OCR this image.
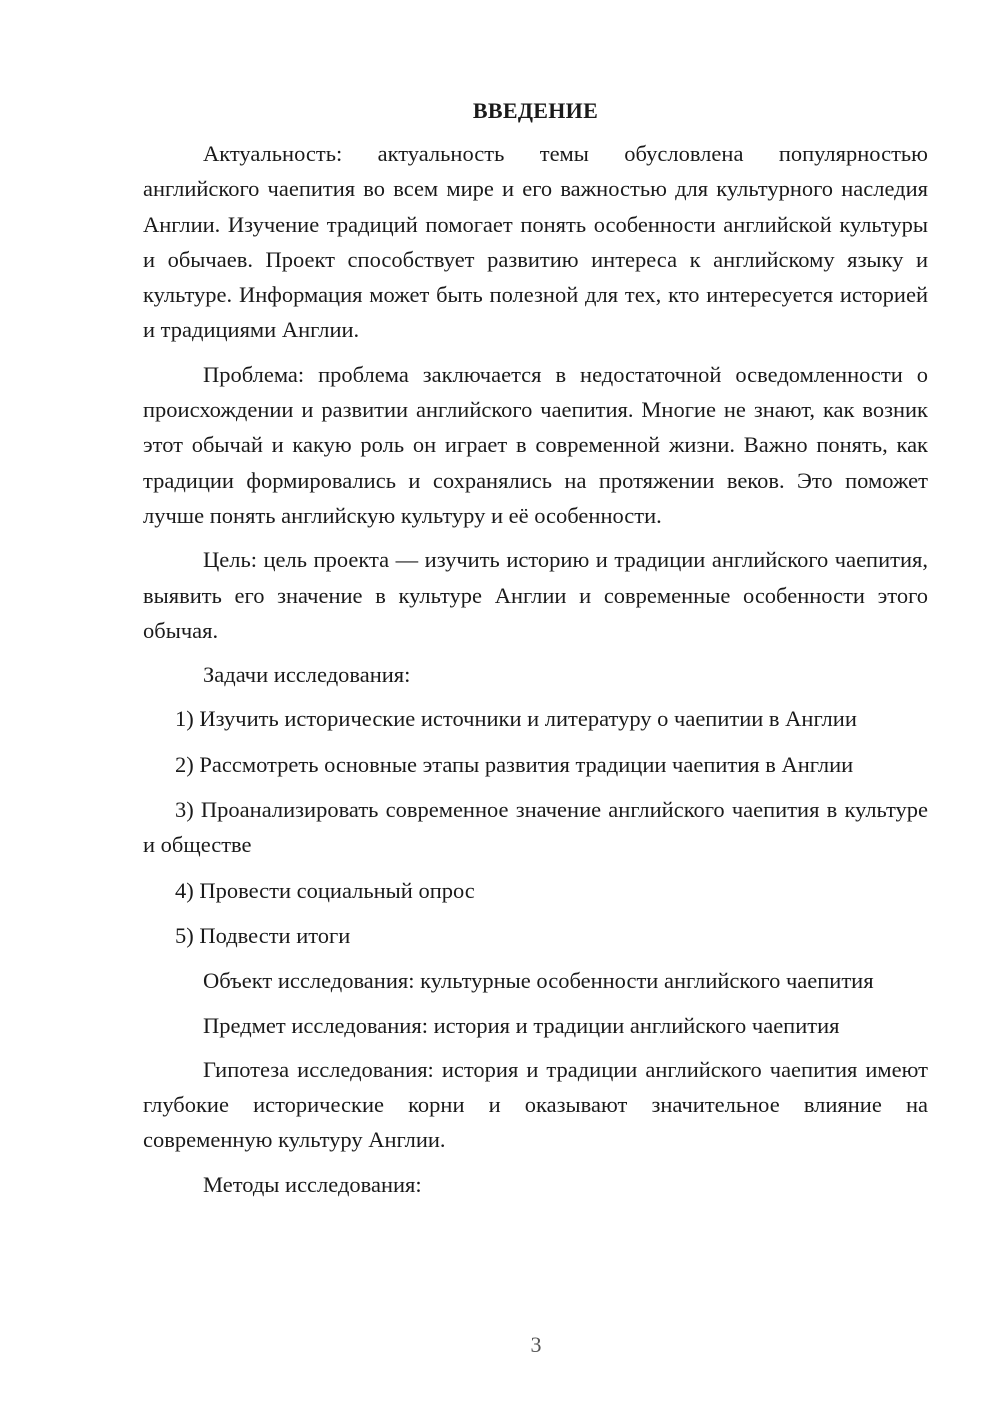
ВВЕДЕНИЕ

Актуальность: актуальность темы обусловлена популярностью английского чаепития во всем мире и его важностью для культурного наследия Англии. Изучение традиций помогает понять особенности английской культуры и обычаев. Проект способствует развитию интереса к английскому языку и культуре. Информация может быть полезной для тех, кто интересуется историей и традициями Англии.

Проблема: проблема заключается в недостаточной осведомленности о происхождении и развитии английского чаепития. Многие не знают, как возник этот обычай и какую роль он играет в современной жизни. Важно понять, как традиции формировались и сохранялись на протяжении веков. Это поможет лучше понять английскую культуру и её особенности.

Цель: цель проекта — изучить историю и традиции английского чаепития, выявить его значение в культуре Англии и современные особенности этого обычая.

Задачи исследования:

1) Изучить исторические источники и литературу о чаепитии в Англии

2) Рассмотреть основные этапы развития традиции чаепития в Англии

3) Проанализировать современное значение английского чаепития в культуре и обществе

4) Провести социальный опрос

5) Подвести итоги

Объект исследования: культурные особенности английского чаепития

Предмет исследования: история и традиции английского чаепития

Гипотеза исследования: история и традиции английского чаепития имеют глубокие исторические корни и оказывают значительное влияние на современную культуру Англии.

Методы исследования:

3
